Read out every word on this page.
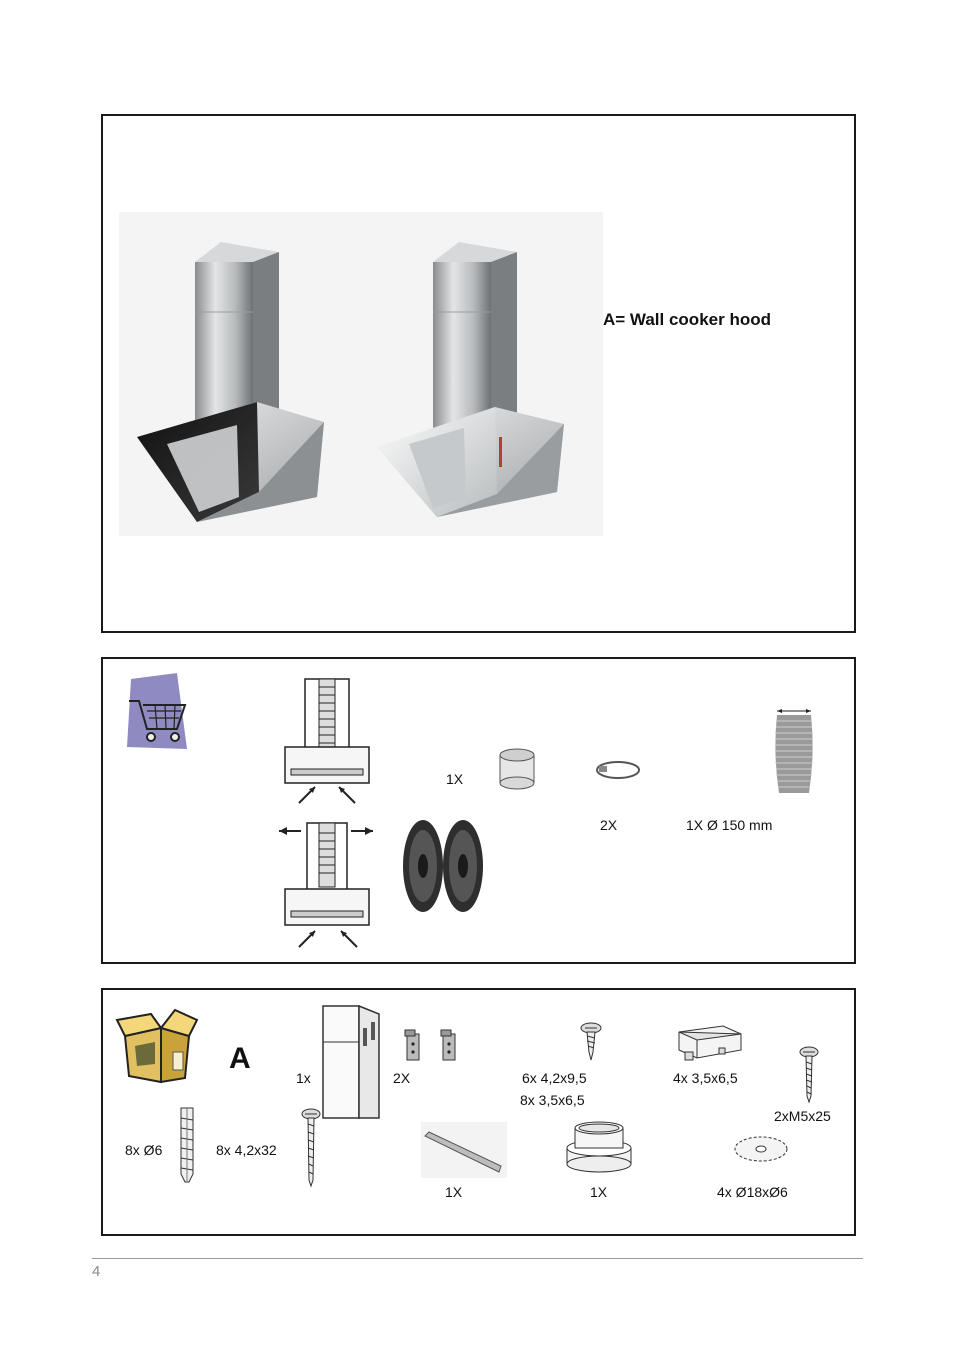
A= Wall cooker hood
1X
2X	1X Ø 150 mm
A
1x	2X	6x 4,2x9,5
8x 3,5x6,5
4x 3,5x6,5
2xM5x25
8x Ø6	8x 4,2x32
1X	1X	4x Ø18xØ6
4
